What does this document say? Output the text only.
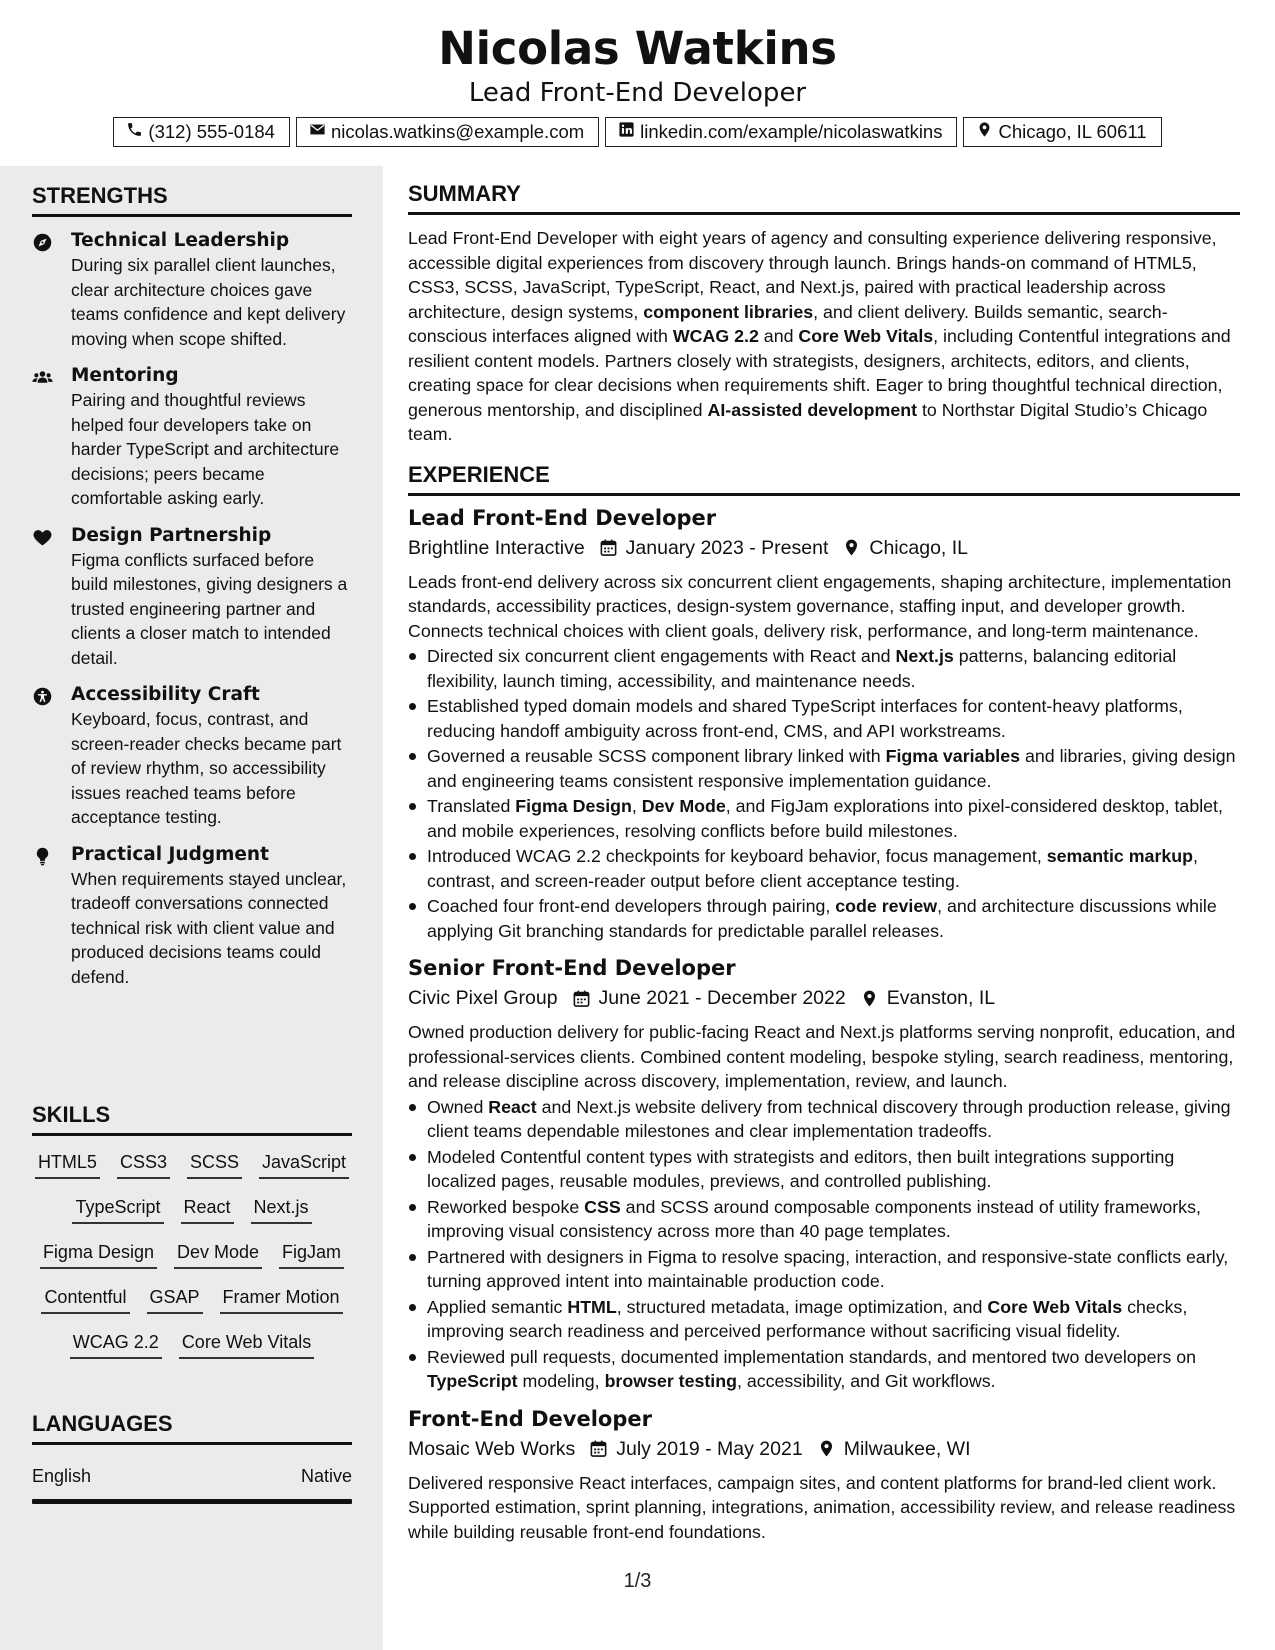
Nicolas Watkins
Lead Front-End Developer
(312) 555-0184	nicolas.watkins@example.com	linkedin.com/example/nicolaswatkins	Chicago, IL 60611
STRENGTHS
Technical Leadership
During six parallel client launches, clear architecture choices gave teams confidence and kept delivery moving when scope shifted.
Mentoring
Pairing and thoughtful reviews helped four developers take on harder TypeScript and architecture decisions; peers became comfortable asking early.
Design Partnership
Figma conflicts surfaced before build milestones, giving designers a trusted engineering partner and clients a closer match to intended detail.
Accessibility Craft
Keyboard, focus, contrast, and screen-reader checks became part of review rhythm, so accessibility issues reached teams before acceptance testing.
Practical Judgment
When requirements stayed unclear, tradeoff conversations connected technical risk with client value and produced decisions teams could defend.
SKILLS
HTML5 CSS3 SCSS JavaScript
TypeScript React Next.js
Figma Design Dev Mode FigJam
Contentful GSAP Framer Motion
WCAG 2.2 Core Web Vitals
LANGUAGES
English	Native
SUMMARY
Lead Front-End Developer with eight years of agency and consulting experience delivering responsive, accessible digital experiences from discovery through launch. Brings hands-on command of HTML5, CSS3, SCSS, JavaScript, TypeScript, React, and Next.js, paired with practical leadership across architecture, design systems, component libraries, and client delivery. Builds semantic, search-conscious interfaces aligned with WCAG 2.2 and Core Web Vitals, including Contentful integrations and resilient content models. Partners closely with strategists, designers, architects, editors, and clients, creating space for clear decisions when requirements shift. Eager to bring thoughtful technical direction, generous mentorship, and disciplined AI-assisted development to Northstar Digital Studio’s Chicago team.
EXPERIENCE
Lead Front-End Developer
Brightline Interactive January 2023 - Present Chicago, IL
Leads front-end delivery across six concurrent client engagements, shaping architecture, implementation standards, accessibility practices, design-system governance, staffing input, and developer growth. Connects technical choices with client goals, delivery risk, performance, and long-term maintenance.
Directed six concurrent client engagements with React and Next.js patterns, balancing editorial flexibility, launch timing, accessibility, and maintenance needs.
Established typed domain models and shared TypeScript interfaces for content-heavy platforms, reducing handoff ambiguity across front-end, CMS, and API workstreams.
Governed a reusable SCSS component library linked with Figma variables and libraries, giving design and engineering teams consistent responsive implementation guidance.
Translated Figma Design, Dev Mode, and FigJam explorations into pixel-considered desktop, tablet, and mobile experiences, resolving conflicts before build milestones.
Introduced WCAG 2.2 checkpoints for keyboard behavior, focus management, semantic markup, contrast, and screen-reader output before client acceptance testing.
Coached four front-end developers through pairing, code review, and architecture discussions while applying Git branching standards for predictable parallel releases.
Senior Front-End Developer
Civic Pixel Group June 2021 - December 2022 Evanston, IL
Owned production delivery for public-facing React and Next.js platforms serving nonprofit, education, and professional-services clients. Combined content modeling, bespoke styling, search readiness, mentoring, and release discipline across discovery, implementation, review, and launch.
Owned React and Next.js website delivery from technical discovery through production release, giving client teams dependable milestones and clear implementation tradeoffs.
Modeled Contentful content types with strategists and editors, then built integrations supporting localized pages, reusable modules, previews, and controlled publishing.
Reworked bespoke CSS and SCSS around composable components instead of utility frameworks, improving visual consistency across more than 40 page templates.
Partnered with designers in Figma to resolve spacing, interaction, and responsive-state conflicts early, turning approved intent into maintainable production code.
Applied semantic HTML, structured metadata, image optimization, and Core Web Vitals checks, improving search readiness and perceived performance without sacrificing visual fidelity.
Reviewed pull requests, documented implementation standards, and mentored two developers on TypeScript modeling, browser testing, accessibility, and Git workflows.
Front-End Developer
Mosaic Web Works July 2019 - May 2021 Milwaukee, WI
Delivered responsive React interfaces, campaign sites, and content platforms for brand-led client work. Supported estimation, sprint planning, integrations, animation, accessibility review, and release readiness while building reusable front-end foundations.
1/3
